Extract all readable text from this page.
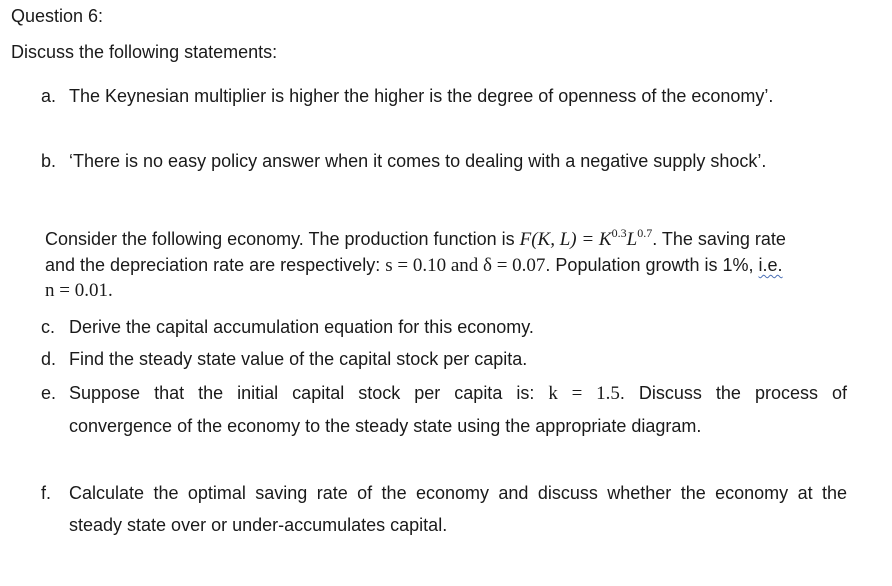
Question 6:
Discuss the following statements:
a. The Keynesian multiplier is higher the higher is the degree of openness of the economy’.
b. ‘There is no easy policy answer when it comes to dealing with a negative supply shock’.
Consider the following economy. The production function is F(K, $L) = K^{0.3}L^{0.7}$. The saving rate
and the depreciation rate are respectively: s = 0.10 and δ = 0.07. Population growth is 1%, i.e.
n = 0.01.
c. Derive the capital accumulation equation for this economy.
d. Find the steady state value of the capital stock per capita.
e. Suppose that the initial capital stock per capita is: k = 1.5. Discuss the process of
convergence of the economy to the steady state using the appropriate diagram.
f. Calculate the optimal saving rate of the economy and discuss whether the economy at the
steady state over or under-accumulates capital.
